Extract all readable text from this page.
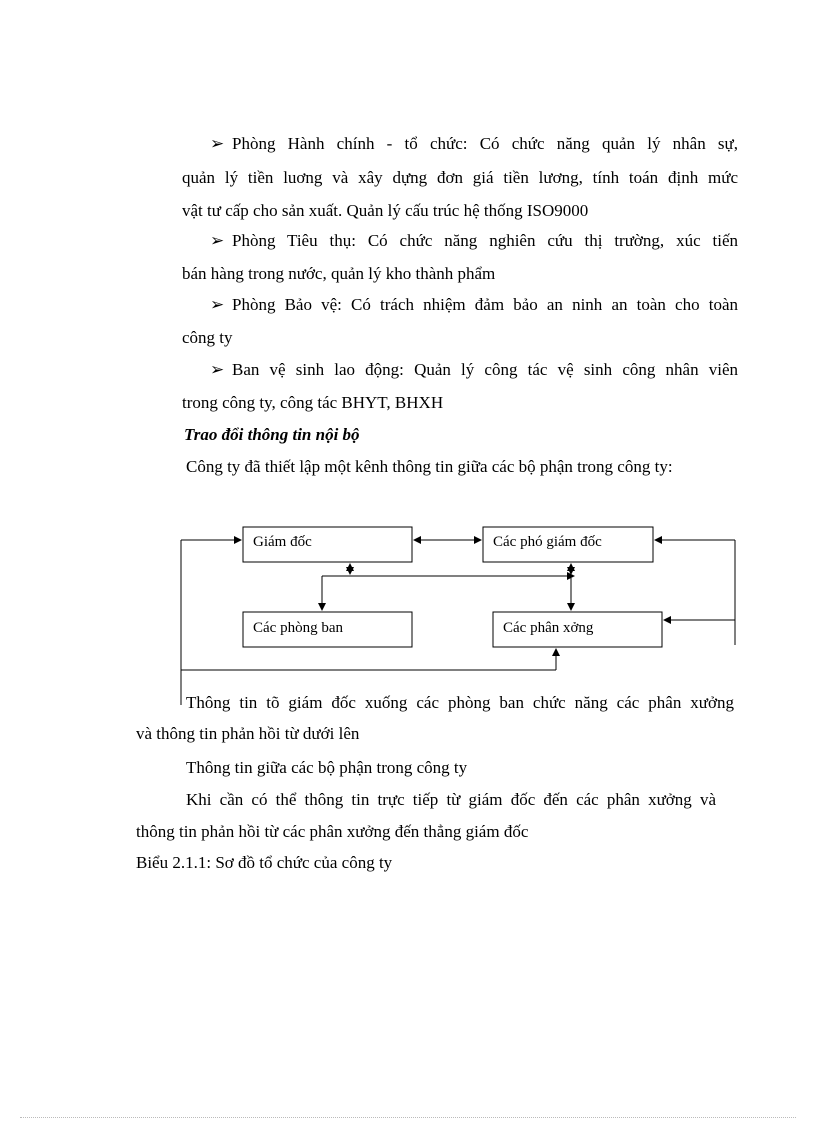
➢ Phòng Hành chính - tổ chức: Có chức năng quản lý nhân sự,
quản lý tiền luơng và xây dựng đơn giá tiền lương, tính toán định mức
vật tư cấp cho sản xuất. Quản lý cấu trúc hệ thống ISO9000
➢ Phòng Tiêu thụ: Có chức năng nghiên cứu thị trường, xúc tiến
bán hàng trong nước, quản lý kho thành phẩm
➢ Phòng Bảo vệ: Có trách nhiệm đảm bảo an ninh an toàn cho toàn
công ty
➢ Ban vệ sinh lao động: Quản lý công tác vệ sinh công nhân viên
trong công ty, công tác BHYT, BHXH
Trao đổi thông tin nội bộ
Công ty đã thiết lập một kênh thông tin giữa các bộ phận trong công ty:
Giám đốc	Các phó giám đốc
Các phòng ban	Các phân xởng
Thông tin tõ giám đốc xuống các phòng ban chức năng các phân xưởng
và thông tin phản hồi từ dưới lên
Thông tin giữa các bộ phận trong công ty
Khi cần có thể thông tin trực tiếp từ giám đốc đến các phân xưởng và
thông tin phản hồi từ các phân xưởng đến thẳng giám đốc
Biểu 2.1.1: Sơ đồ tổ chức của công ty
